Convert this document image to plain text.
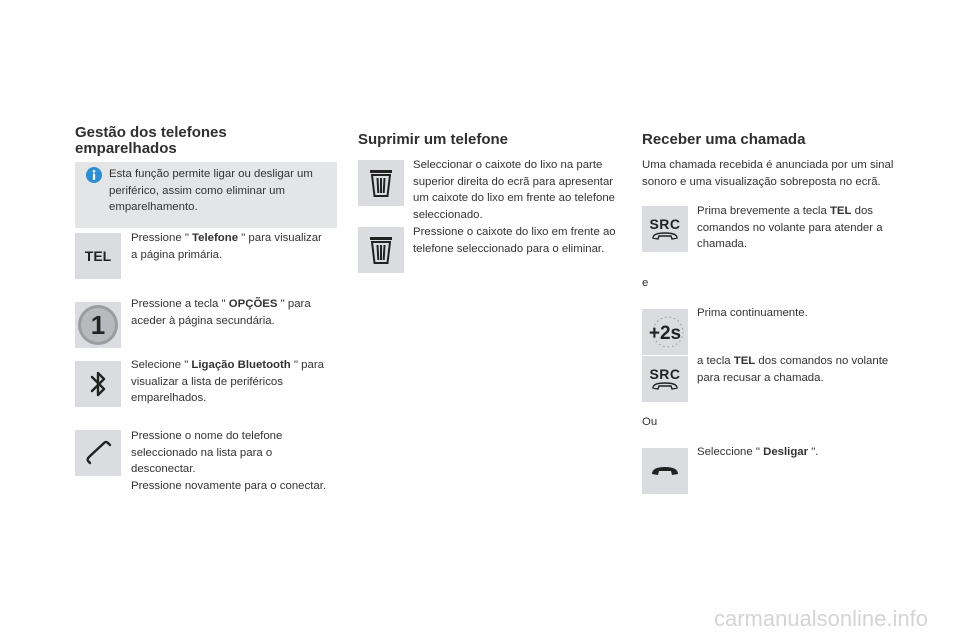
Gestão dos telefones
emparelhados

Esta função permite ligar ou desligar um periférico, assim como eliminar um emparelhamento.

TEL

Pressione " Telefone " para visualizar a página primária.

1

Pressione a tecla " OPÇÕES " para aceder à página secundária.

Selecione " Ligação Bluetooth " para visualizar a lista de periféricos emparelhados.

Pressione o nome do telefone seleccionado na lista para o desconectar.
Pressione novamente para o conectar.

Suprimir um telefone

Seleccionar o caixote do lixo na parte superior direita do ecrã para apresentar um caixote do lixo em frente ao telefone seleccionado.

Pressione o caixote do lixo em frente ao telefone seleccionado para o eliminar.

Receber uma chamada

Uma chamada recebida é anunciada por um sinal sonoro e uma visualização sobreposta no ecrã.

SRC

Prima brevemente a tecla TEL dos comandos no volante para atender a chamada.

e

+2s

Prima continuamente.

SRC

a tecla TEL dos comandos no volante para recusar a chamada.

Ou

Seleccione " Desligar ".

carmanualsonline.info
